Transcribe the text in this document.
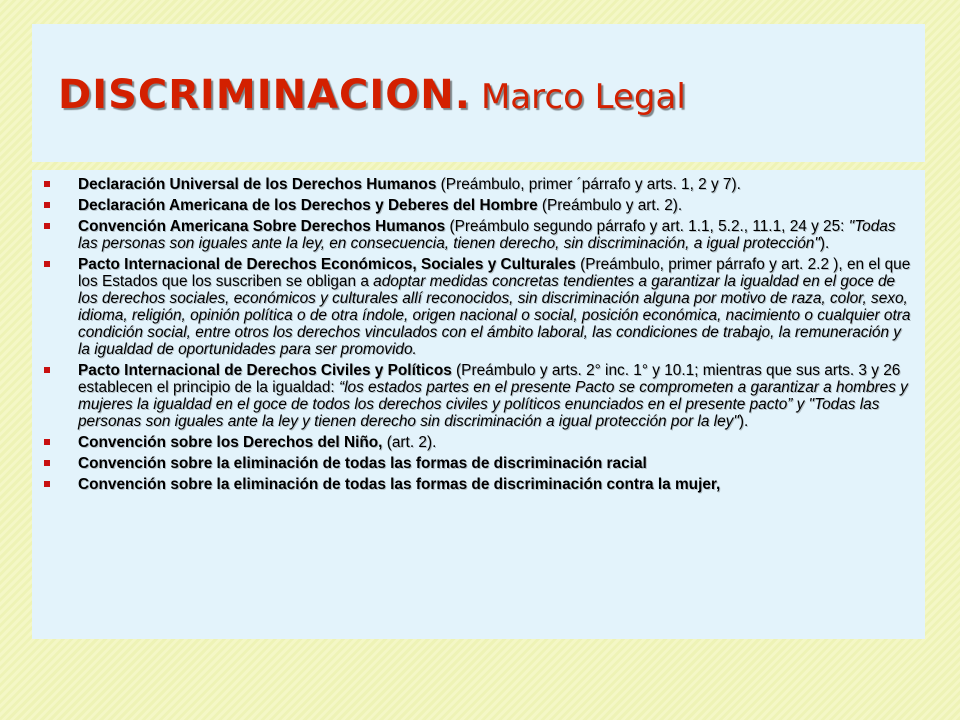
DISCRIMINACION. Marco Legal
Declaración Universal de los Derechos Humanos (Preámbulo, primer ´párrafo y arts. 1, 2 y 7).
Declaración Americana de los Derechos y Deberes del Hombre (Preámbulo y art. 2).
Convención Americana Sobre Derechos Humanos (Preámbulo segundo párrafo y art. 1.1, 5.2., 11.1, 24 y 25: "Todas las personas son iguales ante la ley, en consecuencia, tienen derecho, sin discriminación, a igual protección").
Pacto Internacional de Derechos Económicos, Sociales y Culturales (Preámbulo, primer párrafo y art. 2.2 ), en el que los Estados que los suscriben se obligan a adoptar medidas concretas tendientes a garantizar la igualdad en el goce de los derechos sociales, económicos y culturales allí reconocidos, sin discriminación alguna por motivo de raza, color, sexo, idioma, religión, opinión política o de otra índole, origen nacional o social, posición económica, nacimiento o cualquier otra condición social, entre otros los derechos vinculados con el ámbito laboral, las condiciones de trabajo, la remuneración y la igualdad de oportunidades para ser promovido.
Pacto Internacional de Derechos Civiles y Políticos (Preámbulo y arts. 2° inc. 1° y 10.1; mientras que sus arts. 3 y 26 establecen el principio de la igualdad: “los estados partes en el presente Pacto se comprometen a garantizar a hombres y mujeres la igualdad en el goce de todos los derechos civiles y políticos enunciados en el presente pacto” y "Todas las personas son iguales ante la ley y tienen derecho sin discriminación a igual protección por la ley").
Convención sobre los Derechos del Niño, (art. 2).
Convención sobre la eliminación de todas las formas de discriminación racial
Convención sobre la eliminación de todas las formas de discriminación contra la mujer,
